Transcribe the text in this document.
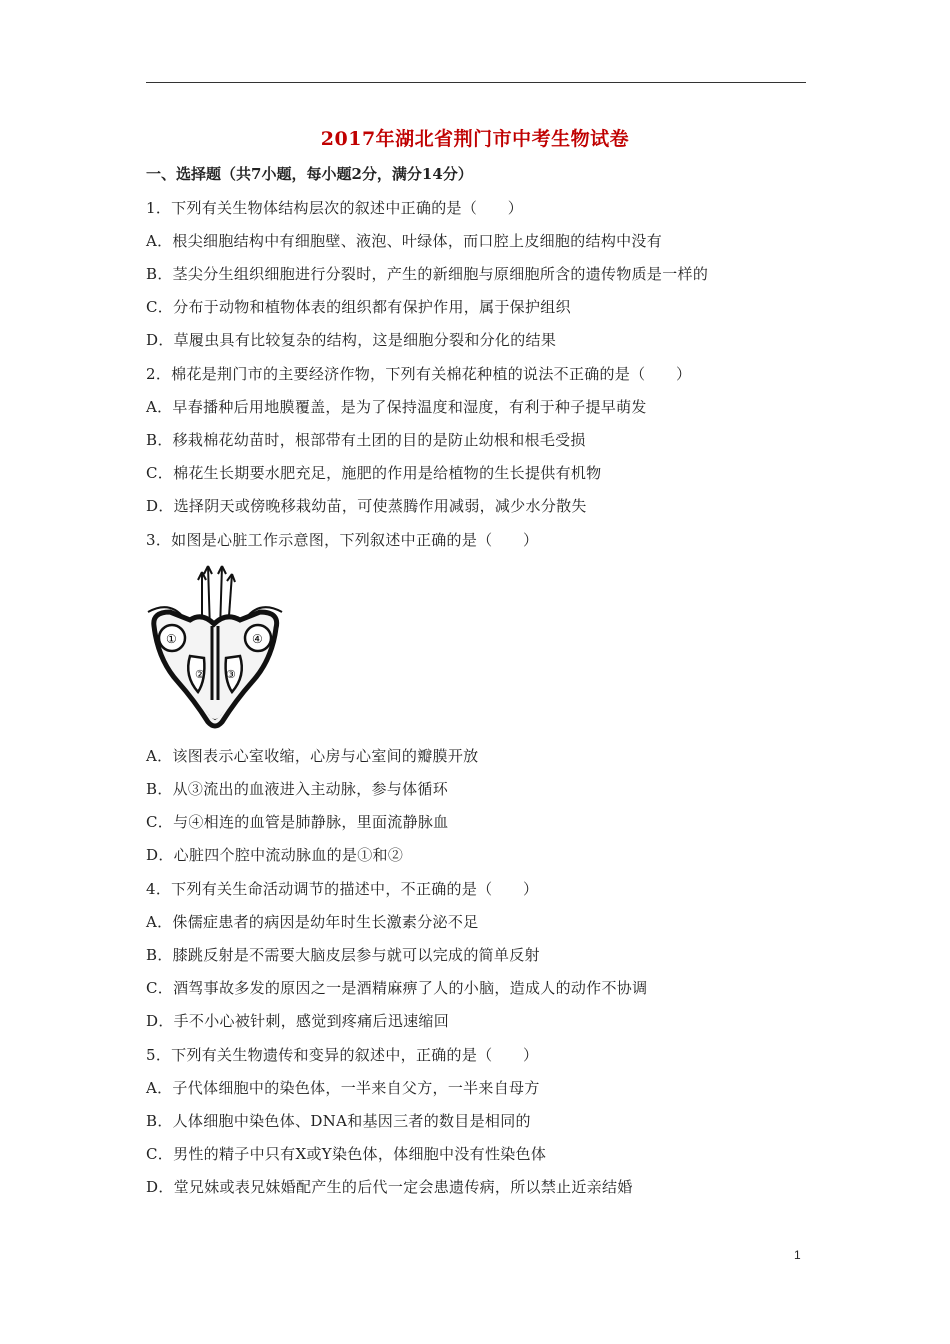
2017年湖北省荆门市中考生物试卷
一、选择题（共7小题，每小题2分，满分14分）
1．下列有关生物体结构层次的叙述中正确的是（　　）
A．根尖细胞结构中有细胞壁、液泡、叶绿体，而口腔上皮细胞的结构中没有
B．茎尖分生组织细胞进行分裂时，产生的新细胞与原细胞所含的遗传物质是一样的
C．分布于动物和植物体表的组织都有保护作用，属于保护组织
D．草履虫具有比较复杂的结构，这是细胞分裂和分化的结果
2．棉花是荆门市的主要经济作物，下列有关棉花种植的说法不正确的是（　　）
A．早春播种后用地膜覆盖，是为了保持温度和湿度，有利于种子提早萌发
B．移栽棉花幼苗时，根部带有土团的目的是防止幼根和根毛受损
C．棉花生长期要水肥充足，施肥的作用是给植物的生长提供有机物
D．选择阴天或傍晚移栽幼苗，可使蒸腾作用减弱，减少水分散失
3．如图是心脏工作示意图，下列叙述中正确的是（　　）
①	④
② ③
A．该图表示心室收缩，心房与心室间的瓣膜开放
B．从③流出的血液进入主动脉，参与体循环
C．与④相连的血管是肺静脉，里面流静脉血
D．心脏四个腔中流动脉血的是①和②
4．下列有关生命活动调节的描述中，不正确的是（　　）
A．侏儒症患者的病因是幼年时生长激素分泌不足
B．膝跳反射是不需要大脑皮层参与就可以完成的简单反射
C．酒驾事故多发的原因之一是酒精麻痹了人的小脑，造成人的动作不协调
D．手不小心被针刺，感觉到疼痛后迅速缩回
5．下列有关生物遗传和变异的叙述中，正确的是（　　）
A．子代体细胞中的染色体，一半来自父方，一半来自母方
B．人体细胞中染色体、DNA和基因三者的数目是相同的
C．男性的精子中只有X或Y染色体，体细胞中没有性染色体
D．堂兄妹或表兄妹婚配产生的后代一定会患遗传病，所以禁止近亲结婚
1
